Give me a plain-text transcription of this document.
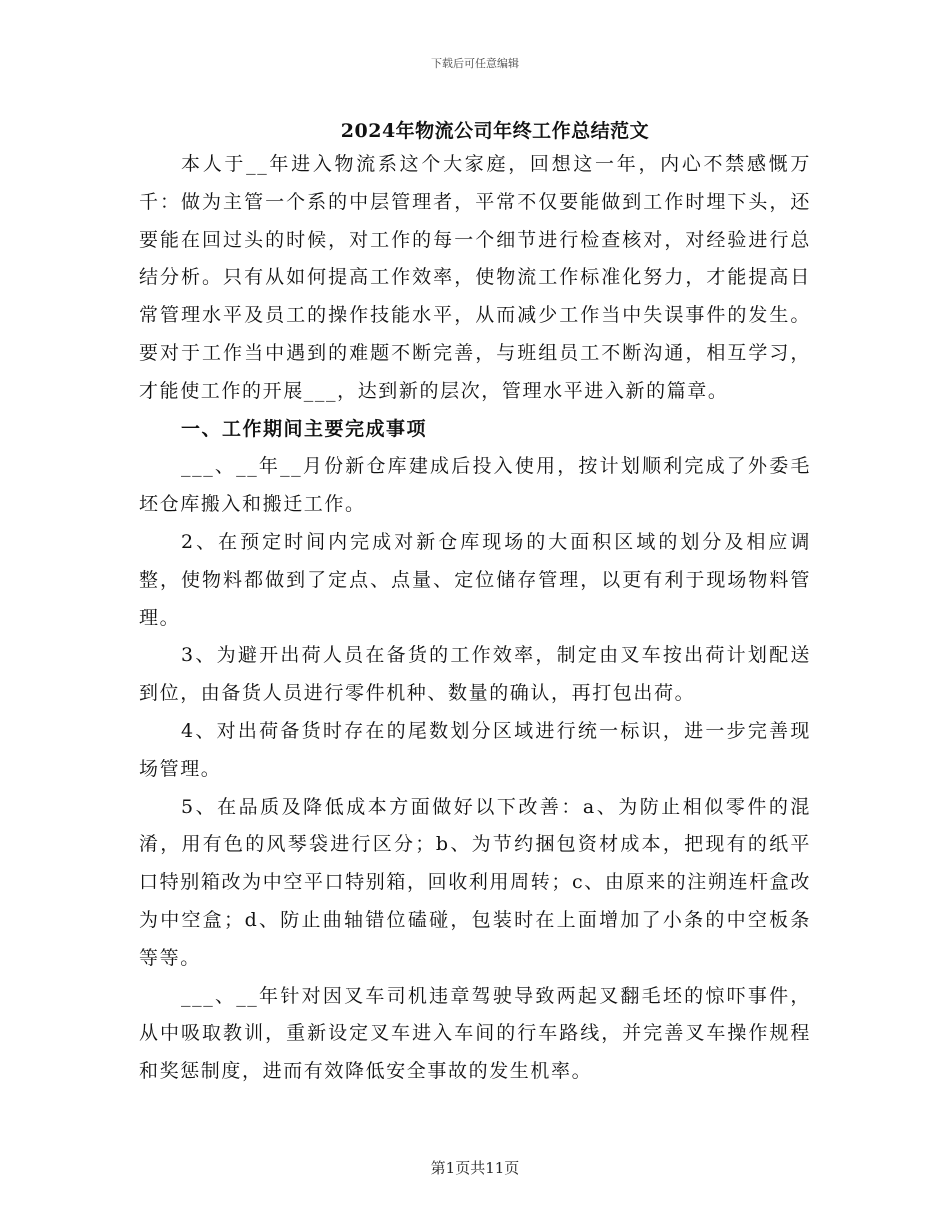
下载后可任意编辑
2024年物流公司年终工作总结范文

本人于__年进入物流系这个大家庭，回想这一年，内心不禁感慨万千：做为主管一个系的中层管理者，平常不仅要能做到工作时埋下头，还要能在回过头的时候，对工作的每一个细节进行检查核对，对经验进行总结分析。只有从如何提高工作效率，使物流工作标准化努力，才能提高日常管理水平及员工的操作技能水平，从而减少工作当中失误事件的发生。要对于工作当中遇到的难题不断完善，与班组员工不断沟通，相互学习，才能使工作的开展___，达到新的层次，管理水平进入新的篇章。

一、工作期间主要完成事项

___、__年__月份新仓库建成后投入使用，按计划顺利完成了外委毛坯仓库搬入和搬迁工作。

2、在预定时间内完成对新仓库现场的大面积区域的划分及相应调整，使物料都做到了定点、点量、定位储存管理，以更有利于现场物料管理。

3、为避开出荷人员在备货的工作效率，制定由叉车按出荷计划配送到位，由备货人员进行零件机种、数量的确认，再打包出荷。

4、对出荷备货时存在的尾数划分区域进行统一标识，进一步完善现场管理。

5、在品质及降低成本方面做好以下改善：a、为防止相似零件的混淆，用有色的风琴袋进行区分；b、为节约捆包资材成本，把现有的纸平口特别箱改为中空平口特别箱，回收利用周转；c、由原来的注朔连杆盒改为中空盒；d、防止曲轴错位磕碰，包装时在上面增加了小条的中空板条等等。

___、__年针对因叉车司机违章驾驶导致两起叉翻毛坯的惊吓事件，从中吸取教训，重新设定叉车进入车间的行车路线，并完善叉车操作规程和奖惩制度，进而有效降低安全事故的发生机率。

第1页共11页
